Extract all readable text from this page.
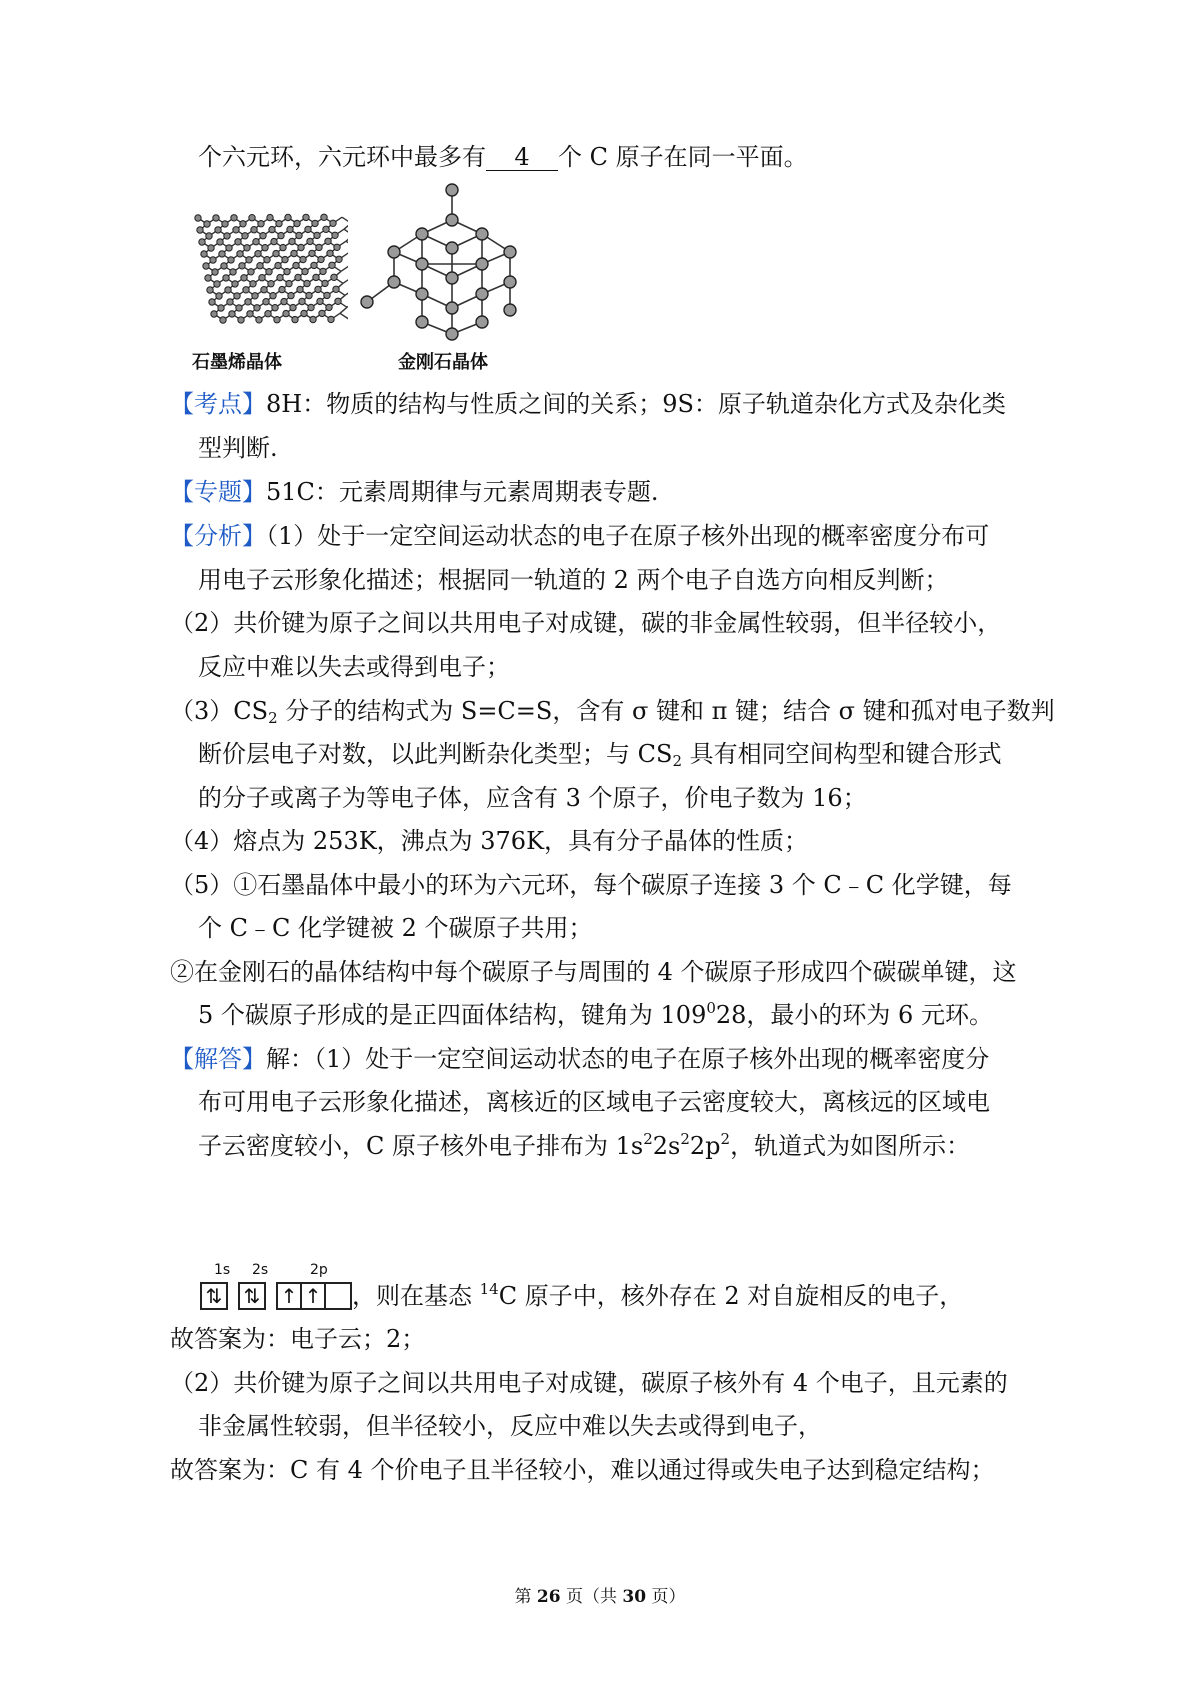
个六元环，六元环中最多有 4 个 C 原子在同一平面。
石墨烯晶体	金刚石晶体
【考点】8H：物质的结构与性质之间的关系；9S：原子轨道杂化方式及杂化类
型判断.
【专题】51C：元素周期律与元素周期表专题.
【分析】（1）处于一定空间运动状态的电子在原子核外出现的概率密度分布可
用电子云形象化描述；根据同一轨道的 2 两个电子自选方向相反判断；
（2）共价键为原子之间以共用电子对成键，碳的非金属性较弱，但半径较小，
反应中难以失去或得到电子；
$(3)CS_2$ 分子的结构式为 S=C=S，含有 σ 键和 π 键；结合 σ 键和孤对电子数判
断价层电子对数，以此判断杂化类型；与 $CS_2$ 具有相同空间构型和键合形式
的分子或离子为等电子体，应含有 3 个原子，价电子数为 16；
（4）熔点为 253K，沸点为 376K，具有分子晶体的性质；
（5）①石墨晶体中最小的环为六元环，每个碳原子连接 3 个 C﹣C 化学键，每
个 C﹣C 化学键被 2 个碳原子共用；
②在金刚石的晶体结构中每个碳原子与周围的 4 个碳原子形成四个碳碳单键，这
5 个碳原子形成的是正四面体结构，键角为 $109^028$，最小的环为 6 元环。
【解答】解：（1）处于一定空间运动状态的电子在原子核外出现的概率密度分
布可用电子云形象化描述，离核近的区域电子云密度较大，离核远的区域电
子云密度较小，C 原子核外电子排布为 $1s^22s^22p^2$，轨道式为如图所示：
1s 2s	2p
⇅ ⇅ ↑ ↑	，则在基态 $^{14}$C 原子中，核外存在 2 对自旋相反的电子，
故答案为：电子云；2；
（2）共价键为原子之间以共用电子对成键，碳原子核外有 4 个电子，且元素的
非金属性较弱，但半径较小，反应中难以失去或得到电子，
故答案为：C 有 4 个价电子且半径较小，难以通过得或失电子达到稳定结构；
第 26 页（共 30 页）
